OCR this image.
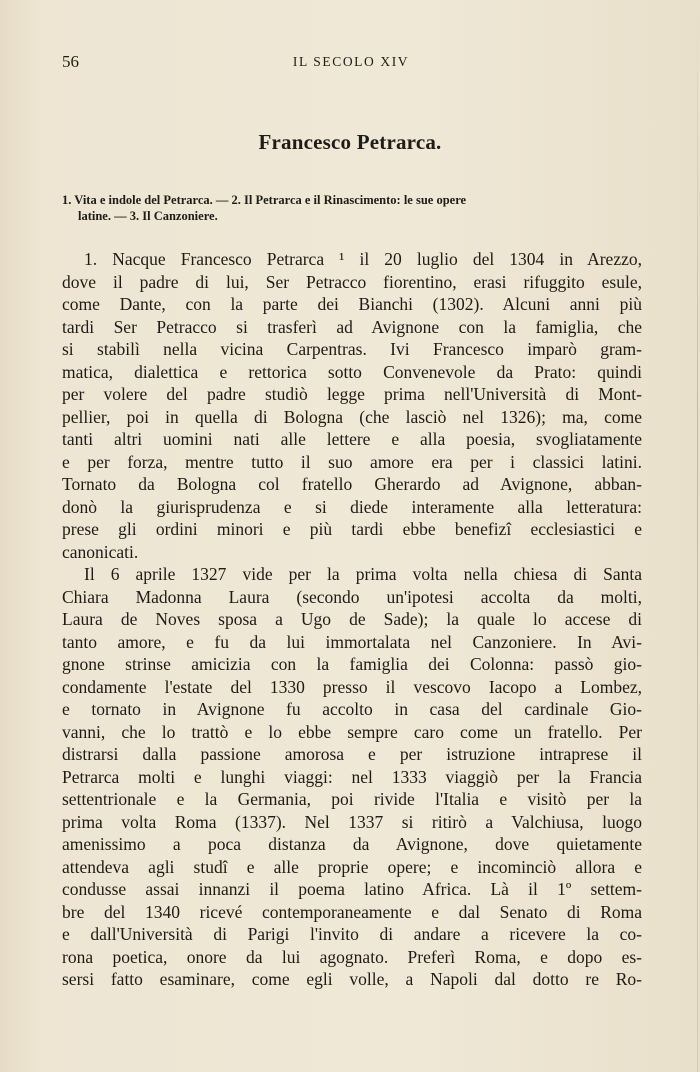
56	IL SECOLO XIV
Francesco Petrarca.
1. Vita e indole del Petrarca. — 2. Il Petrarca e il Rinascimento: le sue opere
latine. — 3. Il Canzoniere.
1. Nacque Francesco Petrarca ¹ il 20 luglio del 1304 in Arezzo,
dove il padre di lui, Ser Petracco fiorentino, erasi rifuggito esule,
come Dante, con la parte dei Bianchi (1302). Alcuni anni più
tardi Ser Petracco si trasferì ad Avignone con la famiglia, che
si stabilì nella vicina Carpentras. Ivi Francesco imparò gram-
matica, dialettica e rettorica sotto Convenevole da Prato: quindi
per volere del padre studiò legge prima nell'Università di Mont-
pellier, poi in quella di Bologna (che lasciò nel 1326); ma, come
tanti altri uomini nati alle lettere e alla poesia, svogliatamente
e per forza, mentre tutto il suo amore era per i classici latini.
Tornato da Bologna col fratello Gherardo ad Avignone, abban-
donò la giurisprudenza e si diede interamente alla letteratura:
prese gli ordini minori e più tardi ebbe benefizî ecclesiastici e
canonicati.
Il 6 aprile 1327 vide per la prima volta nella chiesa di Santa
Chiara Madonna Laura (secondo un'ipotesi accolta da molti,
Laura de Noves sposa a Ugo de Sade); la quale lo accese di
tanto amore, e fu da lui immortalata nel Canzoniere. In Avi-
gnone strinse amicizia con la famiglia dei Colonna: passò gio-
condamente l'estate del 1330 presso il vescovo Iacopo a Lombez,
e tornato in Avignone fu accolto in casa del cardinale Gio-
vanni, che lo trattò e lo ebbe sempre caro come un fratello. Per
distrarsi dalla passione amorosa e per istruzione intraprese il
Petrarca molti e lunghi viaggi: nel 1333 viaggiò per la Francia
settentrionale e la Germania, poi rivide l'Italia e visitò per la
prima volta Roma (1337). Nel 1337 si ritirò a Valchiusa, luogo
amenissimo a poca distanza da Avignone, dove quietamente
attendeva agli studî e alle proprie opere; e incominciò allora e
condusse assai innanzi il poema latino Africa. Là il 1º settem-
bre del 1340 ricevé contemporaneamente e dal Senato di Roma
e dall'Università di Parigi l'invito di andare a ricevere la co-
rona poetica, onore da lui agognato. Preferì Roma, e dopo es-
sersi fatto esaminare, come egli volle, a Napoli dal dotto re Ro-
